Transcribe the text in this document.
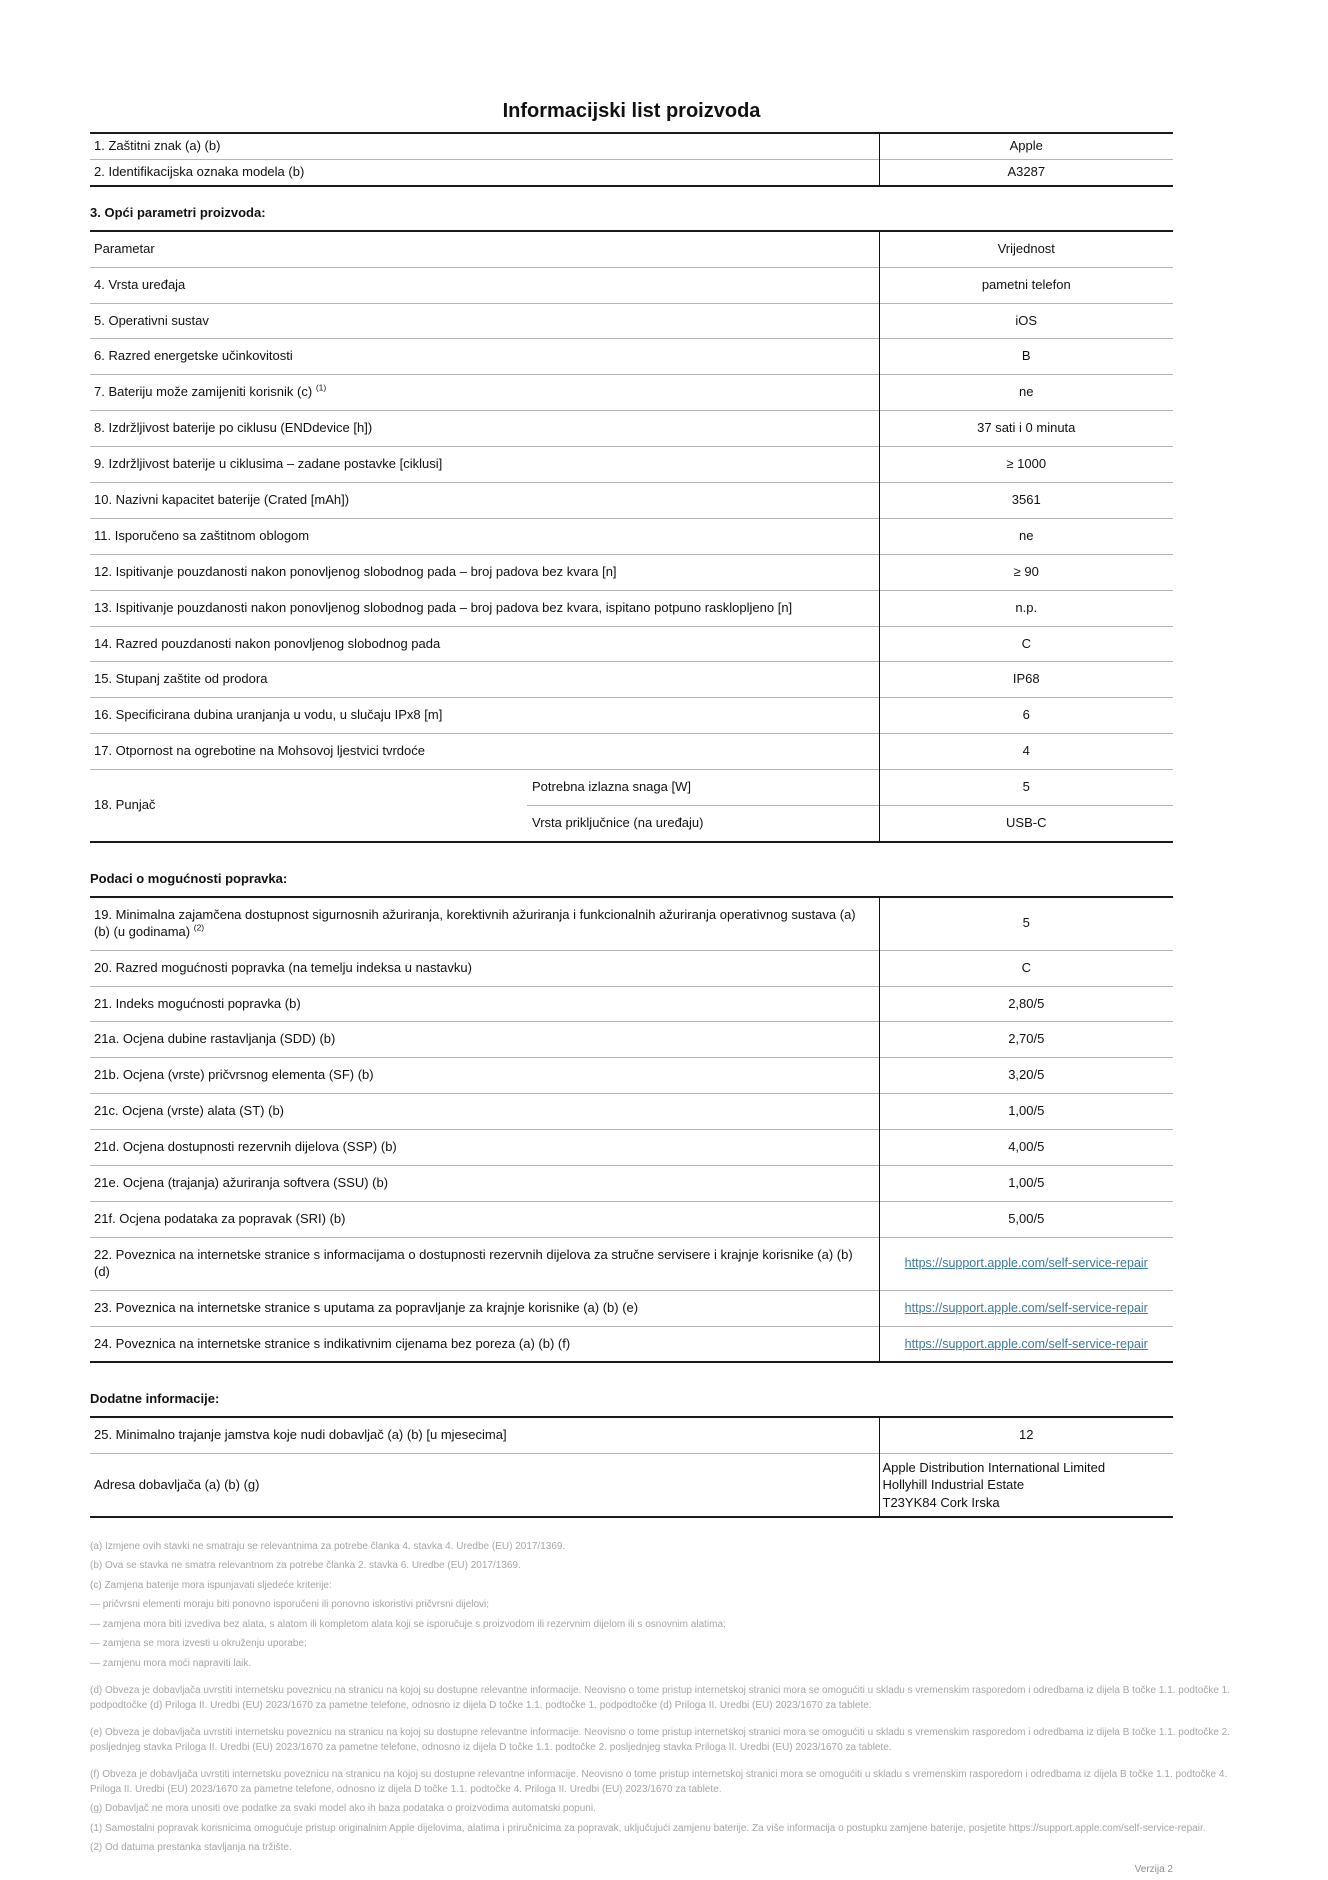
Informacijski list proizvoda
1. Zaštitni znak (a) (b)	Apple
2. Identifikacijska oznaka modela (b)	A3287
3. Opći parametri proizvoda:
Parametar		Vrijednost
4. Vrsta uređaja		pametni telefon
5. Operativni sustav		iOS
6. Razred energetske učinkovitosti		B
7. Bateriju može zamijeniti korisnik (c) $^{(1)}$		ne
8. Izdržljivost baterije po ciklusu (ENDdevice [h])		37 sati i 0 minuta
9. Izdržljivost baterije u ciklusima – zadane postavke [ciklusi]		≥ 1000
10. Nazivni kapacitet baterije (Crated [mAh])		3561
11. Isporučeno sa zaštitnom oblogom		ne
12. Ispitivanje pouzdanosti nakon ponovljenog slobodnog pada – broj padova bez kvara [n]		≥ 90
13. Ispitivanje pouzdanosti nakon ponovljenog slobodnog pada – broj padova bez kvara, ispitano potpuno rasklopljeno [n]		n.p.
14. Razred pouzdanosti nakon ponovljenog slobodnog pada		C
15. Stupanj zaštite od prodora		IP68
16. Specificirana dubina uranjanja u vodu, u slučaju IPx8 [m]		6
17. Otpornost na ogrebotine na Mohsovoj ljestvici tvrdoće		4
18. Punjač	Potrebna izlazna snaga [W]	5
	Vrsta priključnice (na uređaju)	USB-C
Podaci o mogućnosti popravka:
19. Minimalna zajamčena dostupnost sigurnosnih ažuriranja, korektivnih ažuriranja i funkcionalnih ažuriranja operativnog sustava (a) (b) (u godinama) $^{(2)}$	5
20. Razred mogućnosti popravka (na temelju indeksa u nastavku)	C
21. Indeks mogućnosti popravka (b)	2,80/5
21a. Ocjena dubine rastavljanja (SDD) (b)	2,70/5
21b. Ocjena (vrste) pričvrsnog elementa (SF) (b)	3,20/5
21c. Ocjena (vrste) alata (ST) (b)	1,00/5
21d. Ocjena dostupnosti rezervnih dijelova (SSP) (b)	4,00/5
21e. Ocjena (trajanja) ažuriranja softvera (SSU) (b)	1,00/5
21f. Ocjena podataka za popravak (SRI) (b)	5,00/5
22. Poveznica na internetske stranice s informacijama o dostupnosti rezervnih dijelova za stručne servisere i krajnje korisnike (a) (b) (d)	https://support.apple.com/self-service-repair
23. Poveznica na internetske stranice s uputama za popravljanje za krajnje korisnike (a) (b) (e)	https://support.apple.com/self-service-repair
24. Poveznica na internetske stranice s indikativnim cijenama bez poreza (a) (b) (f)	https://support.apple.com/self-service-repair
Dodatne informacije:
25. Minimalno trajanje jamstva koje nudi dobavljač (a) (b) [u mjesecima]	12
Adresa dobavljača (a) (b) (g)	Apple Distribution International Limited
Hollyhill Industrial Estate
T23YK84 Cork Irska

(a) Izmjene ovih stavki ne smatraju se relevantnima za potrebe članka 4. stavka 4. Uredbe (EU) 2017/1369.

(b) Ova se stavka ne smatra relevantnom za potrebe članka 2. stavka 6. Uredbe (EU) 2017/1369.

(c) Zamjena baterije mora ispunjavati sljedeće kriterije:

— pričvrsni elementi moraju biti ponovno isporučeni ili ponovno iskoristivi pričvrsni dijelovi;

— zamjena mora biti izvediva bez alata, s alatom ili kompletom alata koji se isporučuje s proizvodom ili rezervnim dijelom ili s osnovnim alatima;

— zamjena se mora izvesti u okruženju uporabe;

— zamjenu mora moći napraviti laik.

(d) Obveza je dobavljača uvrstiti internetsku poveznicu na stranicu na kojoj su dostupne relevantne informacije. Neovisno o tome pristup internetskoj stranici mora se omogućiti u skladu s vremenskim rasporedom i odredbama iz dijela B točke 1.1. podtočke 1. podpodtočke (d) Priloga II. Uredbi (EU) 2023/1670 za pametne telefone, odnosno iz dijela D točke 1.1. podtočke 1. podpodtočke (d) Priloga II. Uredbi (EU) 2023/1670 za tablete.

(e) Obveza je dobavljača uvrstiti internetsku poveznicu na stranicu na kojoj su dostupne relevantne informacije. Neovisno o tome pristup internetskoj stranici mora se omogućiti u skladu s vremenskim rasporedom i odredbama iz dijela B točke 1.1. podtočke 2. posljednjeg stavka Priloga II. Uredbi (EU) 2023/1670 za pametne telefone, odnosno iz dijela D točke 1.1. podtočke 2. posljednjeg stavka Priloga II. Uredbi (EU) 2023/1670 za tablete.

(f) Obveza je dobavljača uvrstiti internetsku poveznicu na stranicu na kojoj su dostupne relevantne informacije. Neovisno o tome pristup internetskoj stranici mora se omogućiti u skladu s vremenskim rasporedom i odredbama iz dijela B točke 1.1. podtočke 4. Priloga II. Uredbi (EU) 2023/1670 za pametne telefone, odnosno iz dijela D točke 1.1. podtočke 4. Priloga II. Uredbi (EU) 2023/1670 za tablete.

(g) Dobavljač ne mora unositi ove podatke za svaki model ako ih baza podataka o proizvodima automatski popuni.

(1) Samostalni popravak korisnicima omogućuje pristup originalnim Apple dijelovima, alatima i priručnicima za popravak, uključujući zamjenu baterije. Za više informacija o postupku zamjene baterije, posjetite https://support.apple.com/self-service-repair.

(2) Od datuma prestanka stavljanja na tržište.

Verzija 2
